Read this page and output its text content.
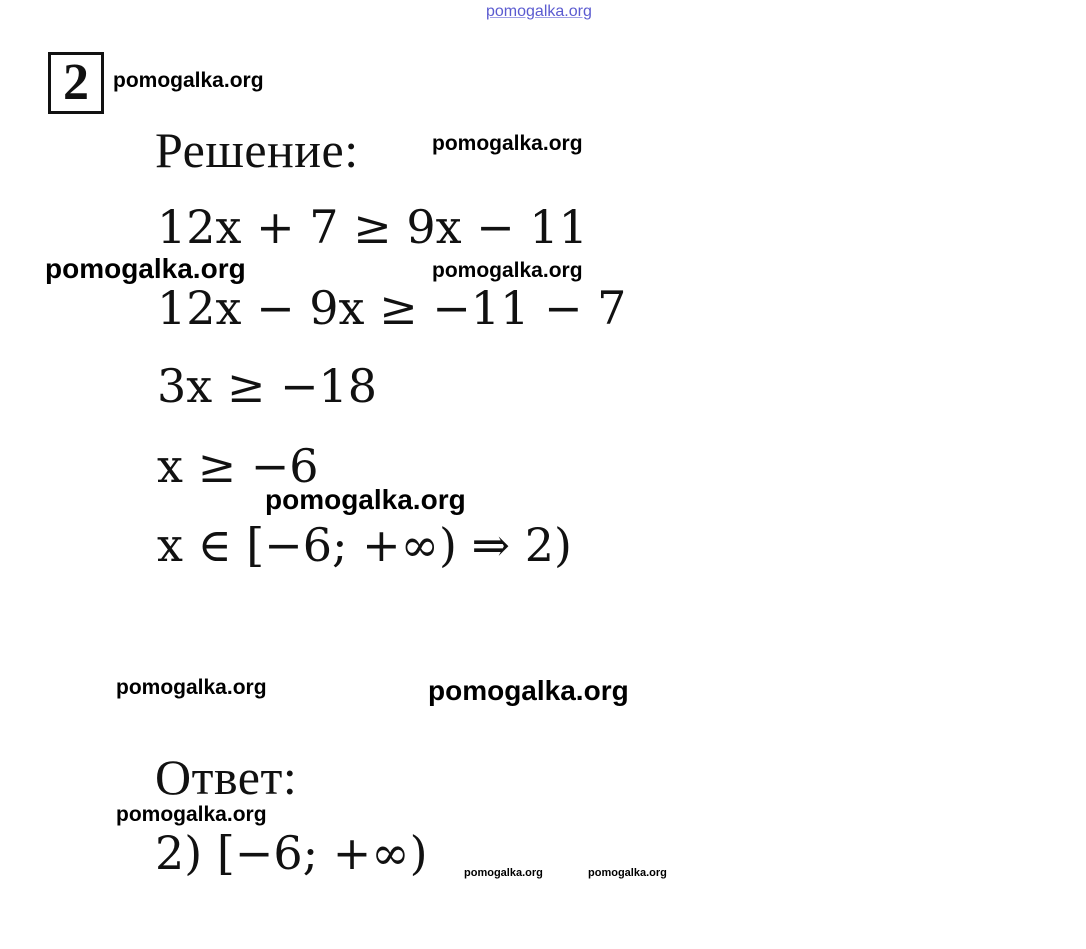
pomogalka.org
2 pomogalka.org
Решение:	pomogalka.org
12x + 7 ≥ 9x − 11
pomogalka.org	pomogalka.org
12x − 9x ≥ −11 − 7
3x ≥ −18
x ≥ −6
pomogalka.org
x ∈ [−6; +∞) ⇒ 2)
pomogalka.org	pomogalka.org
Ответ:
pomogalka.org
2) [−6; +∞)	pomogalka.org	pomogalka.org
